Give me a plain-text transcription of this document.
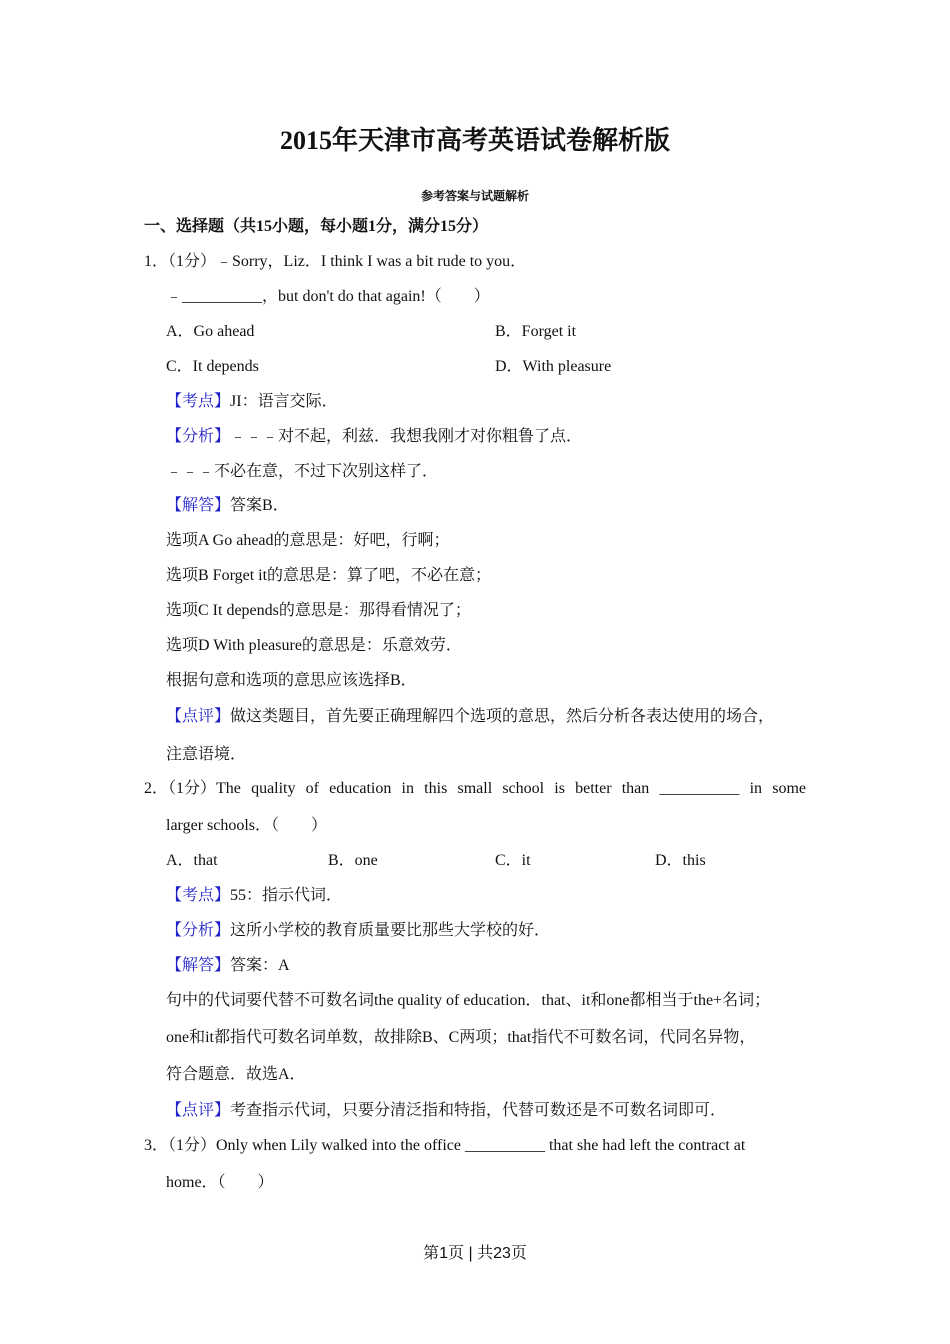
2015年天津市高考英语试卷解析版
参考答案与试题解析
一、选择题（共15小题，每小题1分，满分15分）
1．（1分）﹣Sorry，Liz．I think I was a bit rude to you．
﹣__________，but don't do that again!（　　）
A．Go ahead	B．Forget it
C．It depends	D．With pleasure
【考点】JI：语言交际．
【分析】﹣﹣﹣对不起，利兹．我想我刚才对你粗鲁了点．
﹣﹣﹣不必在意，不过下次别这样了．
【解答】答案B．
选项A Go ahead的意思是：好吧，行啊；
选项B Forget it的意思是：算了吧，不必在意；
选项C It depends的意思是：那得看情况了；
选项D With pleasure的意思是：乐意效劳．
根据句意和选项的意思应该选择B．
【点评】做这类题目，首先要正确理解四个选项的意思，然后分析各表达使用的场合，
注意语境．
2．（1分）The quality of education in this small school is better than __________ in some
larger schools．（　　）
A．that	B．one	C．it	D．this
【考点】55：指示代词．
【分析】这所小学校的教育质量要比那些大学校的好．
【解答】答案：A
句中的代词要代替不可数名词the quality of education．that、it和one都相当于the+名词；
one和it都指代可数名词单数，故排除B、C两项；that指代不可数名词，代同名异物，
符合题意．故选A．
【点评】考查指示代词，只要分清泛指和特指，代替可数还是不可数名词即可．
3．（1分）Only when Lily walked into the office __________ that she had left the contract at
home．（　　）
第1页 | 共23页
